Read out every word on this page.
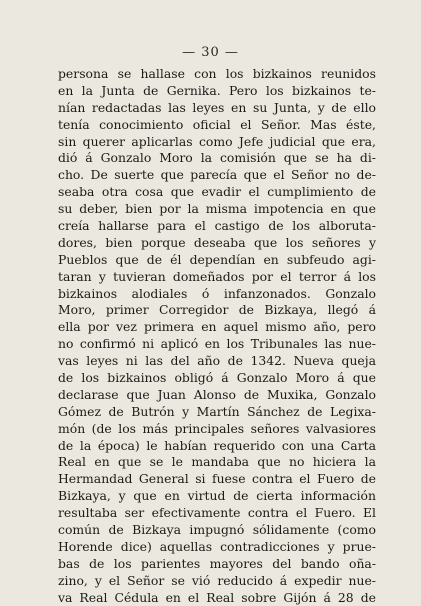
— 30 —
persona se hallase con los bizkainos reunidos
en la Junta de Gernika. Pero los bizkainos te-
nían redactadas las leyes en su Junta, y de ello
tenía conocimiento oficial el Señor. Mas éste,
sin querer aplicarlas como Jefe judicial que era,
dió á Gonzalo Moro la comisión que se ha di-
cho. De suerte que parecía que el Señor no de-
seaba otra cosa que evadir el cumplimiento de
su deber, bien por la misma impotencia en que
creía hallarse para el castigo de los alboruta-
dores, bien porque deseaba que los señores y
Pueblos que de él dependían en subfeudo agi-
taran y tuvieran domeñados por el terror á los
bizkainos alodiales ó infanzonados. Gonzalo
Moro, primer Corregidor de Bizkaya, llegó á
ella por vez primera en aquel mismo año, pero
no confirmó ni aplicó en los Tribunales las nue-
vas leyes ni las del año de 1342. Nueva queja
de los bizkainos obligó á Gonzalo Moro á que
declarase que Juan Alonso de Muxika, Gonzalo
Gómez de Butrón y Martín Sánchez de Legixa-
món (de los más principales señores valvasiores
de la época) le habían requerido con una Carta
Real en que se le mandaba que no hiciera la
Hermandad General si fuese contra el Fuero de
Bizkaya, y que en virtud de cierta información
resultaba ser efectivamente contra el Fuero. El
común de Bizkaya impugnó sólidamente (como
Horende dice) aquellas contradicciones y prue-
bas de los parientes mayores del bando oña-
zino, y el Señor se vió reducido á expedir nue-
va Real Cédula en el Real sobre Gijón á 28 de
